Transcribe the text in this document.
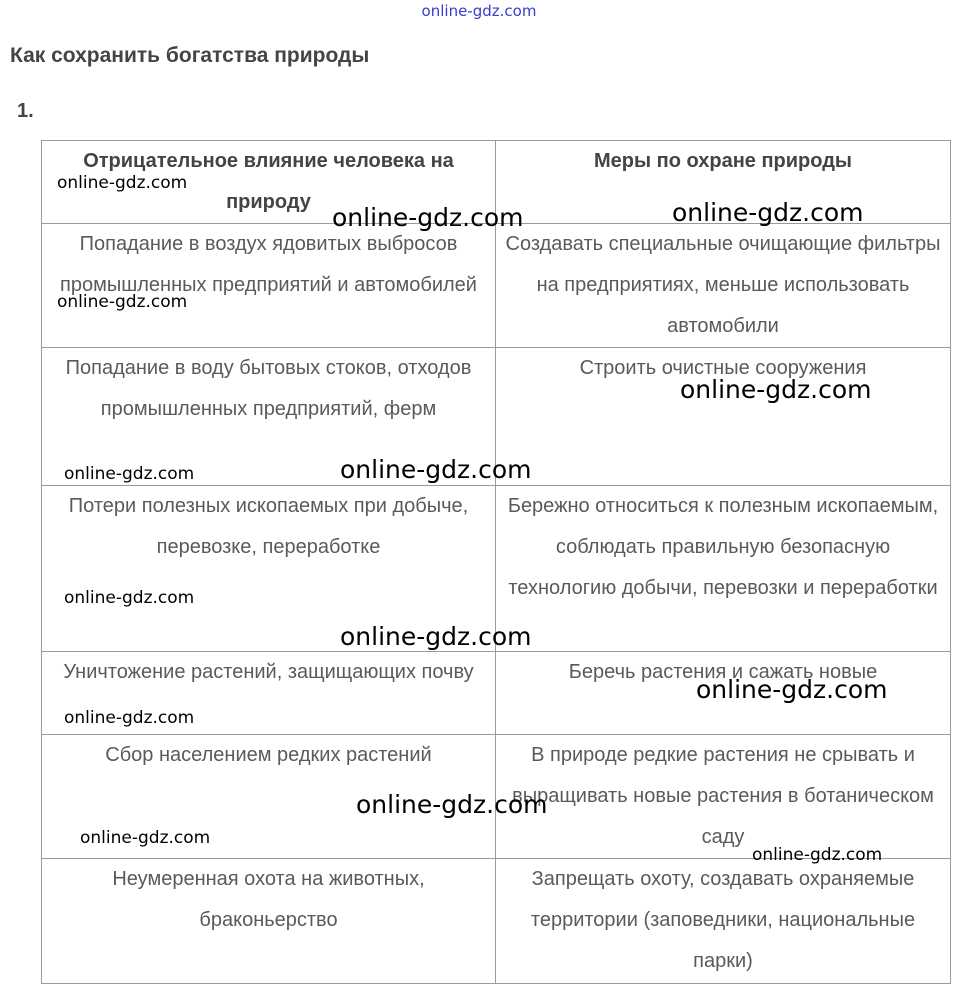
online-gdz.com
Как сохранить богатства природы
1.
Отрицательное влияние человека на природу	Меры по охране природы
Попадание в воздух ядовитых выбросов промышленных предприятий и автомобилей	Создавать специальные очищающие фильтры на предприятиях, меньше использовать автомобили
Попадание в воду бытовых стоков, отходов промышленных предприятий, ферм	Строить очистные сооружения
Потери полезных ископаемых при добыче, перевозке, переработке	Бережно относиться к полезным ископаемым, соблюдать правильную безопасную технологию добычи, перевозки и переработки
Уничтожение растений, защищающих почву	Беречь растения и сажать новые
Сбор населением редких растений	В природе редкие растения не срывать и выращивать новые растения в ботаническом саду
Неумеренная охота на животных, браконьерство	Запрещать охоту, создавать охраняемые территории (заповедники, национальные парки)
online-gdz.com
online-gdz.com	online-gdz.com
online-gdz.com
online-gdz.com
online-gdz.com
online-gdz.com
online-gdz.com
online-gdz.com
online-gdz.com
online-gdz.com
online-gdz.com
online-gdz.com
online-gdz.com
